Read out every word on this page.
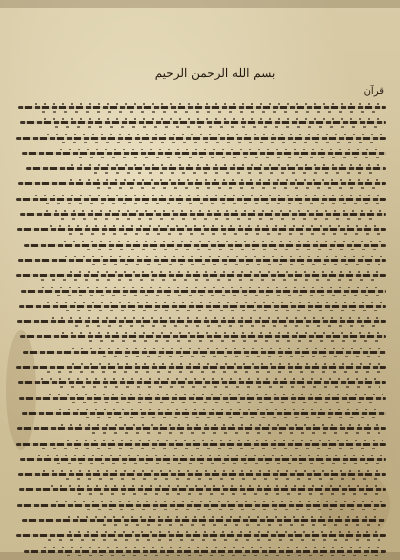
بسم الله الرحمن الرحیم
قرآن
